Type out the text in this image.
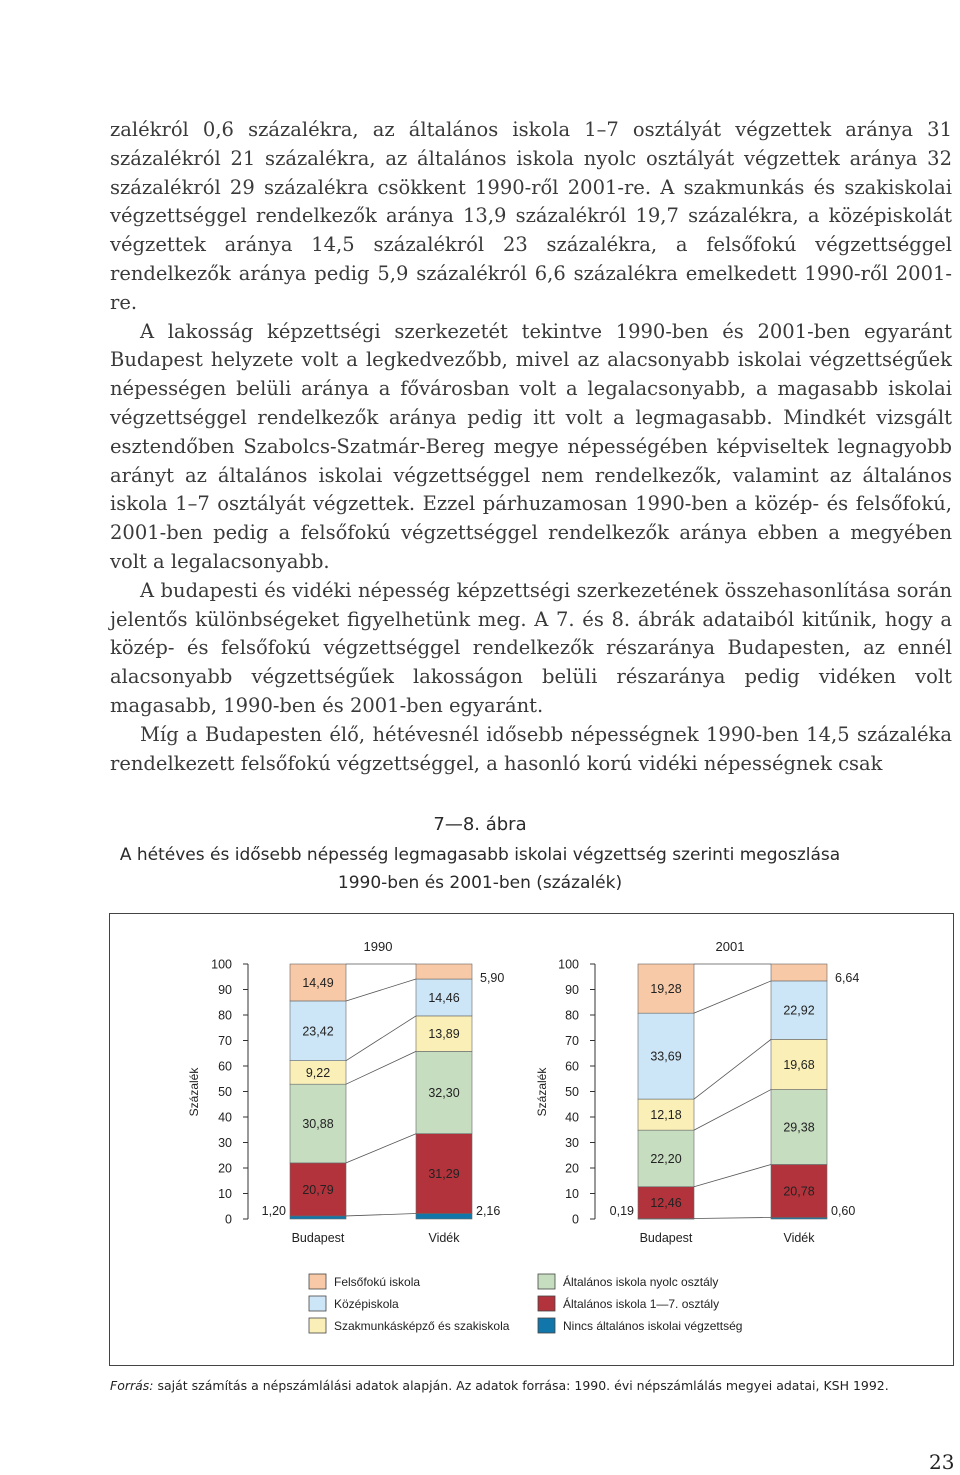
zalékról 0,6 százalékra, az általános iskola 1–7 osztályát végzettek aránya 31 százalékról 21 százalékra, az általános iskola nyolc osztályát végzettek aránya 32 százalékról 29 százalékra csökkent 1990-ről 2001-re. A szakmunkás és szakiskolai végzettséggel rendelkezők aránya 13,9 százalékról 19,7 százalékra, a középiskolát végzettek aránya 14,5 százalékról 23 százalékra, a felsőfokú végzettséggel rendelkezők aránya pedig 5,9 százalékról 6,6 százalékra emelkedett 1990-ről 2001-re.

A lakosság képzettségi szerkezetét tekintve 1990-ben és 2001-ben egyaránt Budapest helyzete volt a legkedvezőbb, mivel az alacsonyabb iskolai végzettségűek népességen belüli aránya a fővárosban volt a legalacsonyabb, a magasabb iskolai végzettséggel rendelkezők aránya pedig itt volt a legmagasabb. Mindkét vizsgált esztendőben Szabolcs-Szatmár-Bereg megye népességében képviseltek legnagyobb arányt az általános iskolai végzettséggel nem rendelkezők, valamint az általános iskola 1–7 osztályát végzettek. Ezzel párhuzamosan 1990-ben a közép- és felsőfokú, 2001-ben pedig a felsőfokú végzettséggel rendelkezők aránya ebben a megyében volt a legalacsonyabb.

A budapesti és vidéki népesség képzettségi szerkezetének összehasonlítása során jelentős különbségeket figyelhetünk meg. A 7. és 8. ábrák adataiból kitűnik, hogy a közép- és felsőfokú végzettséggel rendelkezők részaránya Budapesten, az ennél alacsonyabb végzettségűek lakosságon belüli részaránya pedig vidéken volt magasabb, 1990-ben és 2001-ben egyaránt.

Míg a Budapesten élő, hétévesnél idősebb népességnek 1990-ben 14,5 százaléka rendelkezett felsőfokú végzettséggel, a hasonló korú vidéki népességnek csak

7—8. ábra
A hétéves és idősebb népesség legmagasabb iskolai végzettség szerinti megoszlása
1990-ben és 2001-ben (százalék)
1990
Százalék
0
10
20
30
40
50
60
70
80
90
100
Budapest	Vidék
1,20
20,79
30,88
9,22
23,42
14,49
2,16
31,29
32,30
13,89
14,46
5,90
2001
Százalék
0
10
20
30
40
50
60
70
80
90
100
Budapest	Vidék
0,19
12,46
22,20
12,18
33,69
19,28
0,60
20,78
29,38
19,68
22,92
6,64
Felsőfokú iskola
Középiskola
Szakmunkásképző és szakiskola
Általános iskola nyolc osztály
Általános iskola 1—7. osztály
Nincs általános iskolai végzettség
Forrás: saját számítás a népszámlálási adatok alapján. Az adatok forrása: 1990. évi népszámlálás megyei adatai, KSH 1992.
23
